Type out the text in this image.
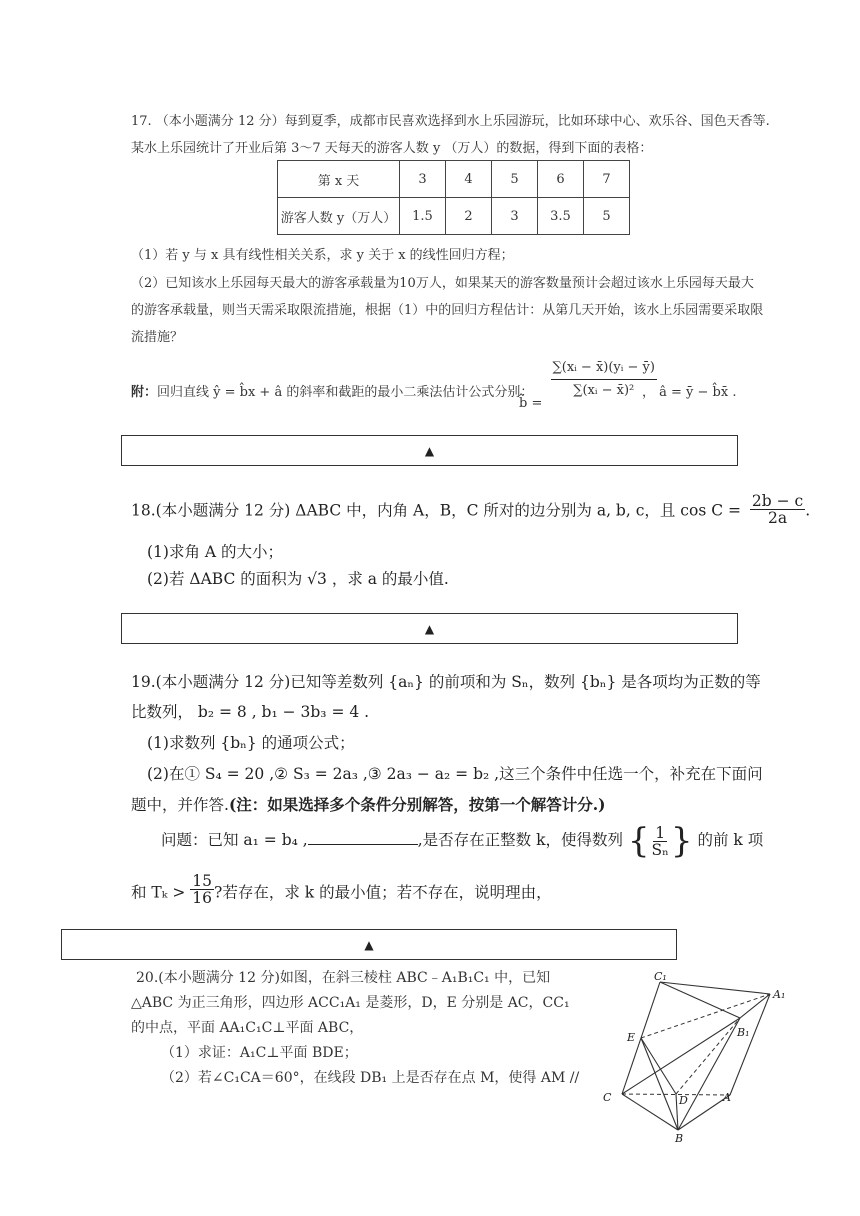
17. （本小题满分 12 分）每到夏季，成都市民喜欢选择到水上乐园游玩，比如环球中心、欢乐谷、国色天香等.
某水上乐园统计了开业后第 3～7 天每天的游客人数 y （万人）的数据，得到下面的表格：
第 x 天	3	4	5	6	7
游客人数 y（万人）	1.5	2	3	3.5	5
（1）若 y 与 x 具有线性相关关系，求 y 关于 x 的线性回归方程；
（2）已知该水上乐园每天最大的游客承载量为10万人，如果某天的游客数量预计会超过该水上乐园每天最大
的游客承载量，则当天需采取限流措施，根据（1）中的回归方程估计：从第几天开始，该水上乐园需要采取限
流措施？
附：回归直线 ŷ = b̂x + â 的斜率和截距的最小二乘法估计公式分别：
b̂ =
$\frac{\text{∑(xᵢ − x̄)(yᵢ − ȳ)}}{\text{∑(xᵢ − x̄)²}}$
， â = ȳ − b̂x̄ .
▲
18.(本小题满分 12 分) ΔABC 中，内角 A，B，C 所对的边分别为 a, b, c，且 $\cos C = \frac{2b - c}{2a}$ .
(1)求角 A 的大小；
(2)若 ΔABC 的面积为 √3 ，求 a 的最小值.
▲
19.(本小题满分 12 分)已知等差数列 {aₙ} 的前项和为 Sₙ，数列 {bₙ} 是各项均为正数的等
比数列， b₂ = 8 , b₁ − 3b₃ = 4 .
(1)求数列 {bₙ} 的通项公式；
(2)在① S₄ = 20 ,② S₃ = 2a₃ ,③ 2a₃ − a₂ = b₂ ,这三个条件中任选一个，补充在下面问
题中，并作答.(注：如果选择多个条件分别解答，按第一个解答计分.)
问题：已知 a₁ = b₄ ,	,是否存在正整数 k，使得数列 { $\frac{1}{\text{Sₙ}}$ } 的前 k 项
和 $T_k > \frac{15}{16}$ ?若存在，求 k 的最小值；若不存在，说明理由，
▲
20.(本小题满分 12 分)如图，在斜三棱柱 ABC﹣A₁B₁C₁ 中，已知
△ABC 为正三角形，四边形 ACC₁A₁ 是菱形，D，E 分别是 AC，CC₁
的中点，平面 AA₁C₁C⊥平面 ABC，
（1）求证：A₁C⊥平面 BDE；
（2）若∠C₁CA＝60°，在线段 DB₁ 上是否存在点 M，使得 AM //
C₁
A₁
B₁
E
C	D	A
B
